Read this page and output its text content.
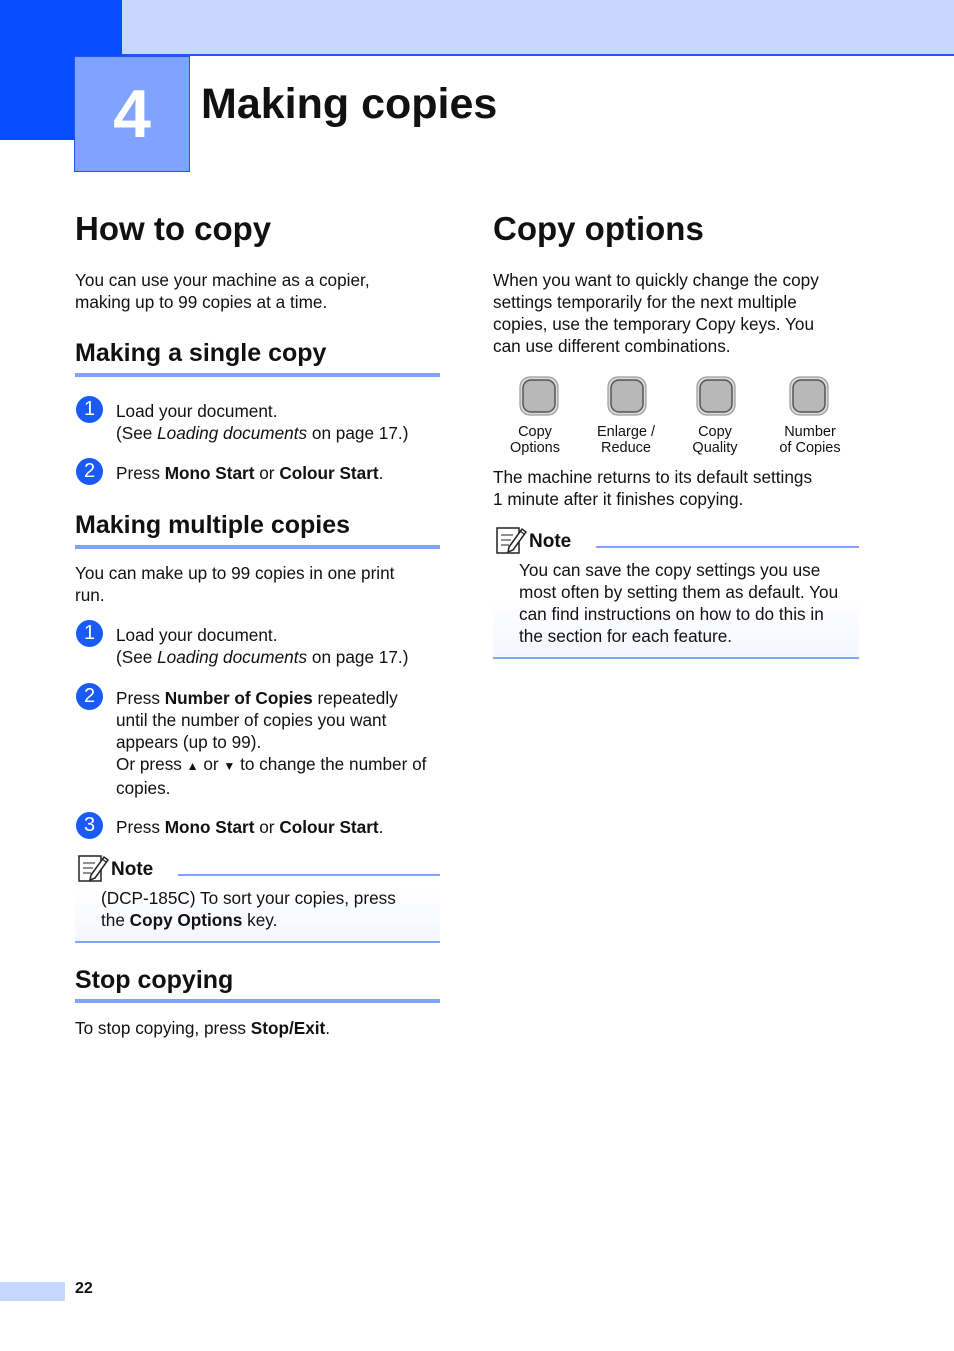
4	Making copies
How to copy
You can use your machine as a copier,
making up to 99 copies at a time.
Making a single copy
1	Load your document.
(See Loading documents on page 17.)
2	Press Mono Start or Colour Start.
Making multiple copies
You can make up to 99 copies in one print
run.
1	Load your document.
(See Loading documents on page 17.)
2	Press Number of Copies repeatedly
until the number of copies you want
appears (up to 99).
Or press ▲ or ▼ to change the number of
copies.
3	Press Mono Start or Colour Start.
Note
(DCP-185C) To sort your copies, press
the Copy Options key.
Stop copying
To stop copying, press Stop/Exit.
Copy options
When you want to quickly change the copy
settings temporarily for the next multiple
copies, use the temporary Copy keys. You
can use different combinations.
Copy
Options
Enlarge /
Reduce
Copy
Quality
Number
of Copies
The machine returns to its default settings
1 minute after it finishes copying.
Note
You can save the copy settings you use
most often by setting them as default. You
can find instructions on how to do this in
the section for each feature.
22
